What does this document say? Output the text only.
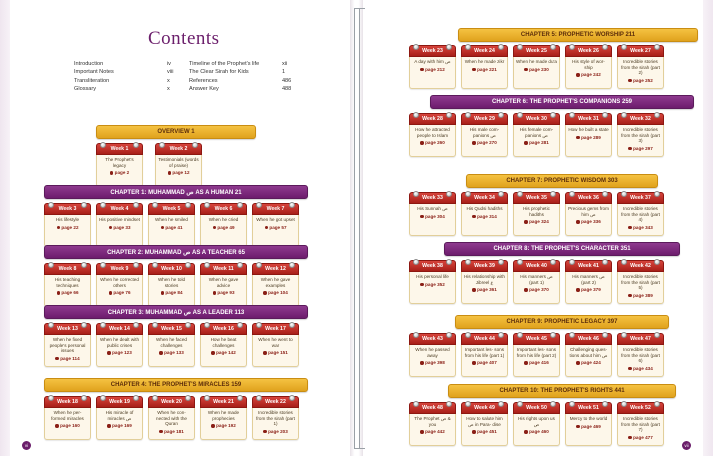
Contents
vi	vii
Introduction	iv	Timeline of the Prophet's life	xii
Important Notes	viii	The Clear Sirah for Kids	1
Transliteration	x	References	486
Glossary	x	Answer Key	488
OVERVIEW 1
Week 1
The Prophet's legacy
page 2
Week 2
Testimonials (words of praise)
page 12
CHAPTER 1: MUHAMMAD ص AS A HUMAN 21
Week 3
His lifestyle
page 22
Week 4
His positive mindset
page 33
Week 5
When he smiled
page 41
Week 6
When he cried
page 49
Week 7
When he got upset
page 57
CHAPTER 2: MUHAMMAD ص AS A TEACHER 65
Week 8
His teaching techniques
page 66
Week 9
When he corrected others
page 76
Week 10
When he told stories
page 84
Week 11
When he gave advice
page 93
Week 12
When he gave examples
page 104
CHAPTER 3: MUHAMMAD ص AS A LEADER 113
Week 13
When he fixed people's personal issues
page 114
Week 14
When he dealt with public crises
page 123
Week 15
When he faced challenges
page 133
Week 16
How he beat challenges
page 142
Week 17
When he went to war
page 151
CHAPTER 4: THE PROPHET'S MIRACLES 159
Week 18
When he per- formed miracles
page 160
Week 19
His miracle of miracles ص
page 169
Week 20
When he con- nected with the Quran
page 181
Week 21
When he made prophecies
page 192
Week 22
Incredible stories from the sirah (part 1)
page 203
CHAPTER 5: PROPHETIC WORSHIP 211
Week 23
A day with him ص
page 212
Week 24
When he made zikr
page 221
Week 25
When he made du'a
page 230
Week 26
His style of wor- ship
page 242
Week 27
Incredible stories from the sirah (part 2)
page 252
CHAPTER 6: THE PROPHET'S COMPANIONS 259
Week 28
How he attracted people to Islam
page 260
Week 29
His male com- panions ص
page 270
Week 30
His female com- panions ص
page 281
Week 31
How he built a state
page 289
Week 32
Incredible stories from the sirah (part 3)
page 297
CHAPTER 7: PROPHETIC WISDOM 303
Week 33
His Sunnah ص
page 304
Week 34
His Qudsi hadiths
page 314
Week 35
His prophetic hadiths
page 324
Week 36
Precious gems from him ص
page 336
Week 37
Incredible stories from the sirah (part 4)
page 343
CHAPTER 8: THE PROPHET'S CHARACTER 351
Week 38
His personal life
page 352
Week 39
His relationship with Jibreel ع
page 361
Week 40
His manners ص (part 1)
page 370
Week 41
His manners ص (part 2)
page 379
Week 42
Incredible stories from the sirah (part 5)
page 389
CHAPTER 9: PROPHETIC LEGACY 397
Week 43
When he passed away
page 398
Week 44
Important les- sons from his life (part 1)
page 407
Week 45
Important les- sons from his life (part 2)
page 416
Week 46
Challenging ques- tions about him ص
page 424
Week 47
Incredible stories from the sirah (part 6)
page 434
CHAPTER 10: THE PROPHET'S RIGHTS 441
Week 48
The Prophet ص & you
page 442
Week 49
How to salute him ص in Para- dise
page 451
Week 50
His rights upon us ص
page 460
Week 51
Mercy to the world
page 469
Week 52
Incredible stories from the sirah (part 7)
page 477
